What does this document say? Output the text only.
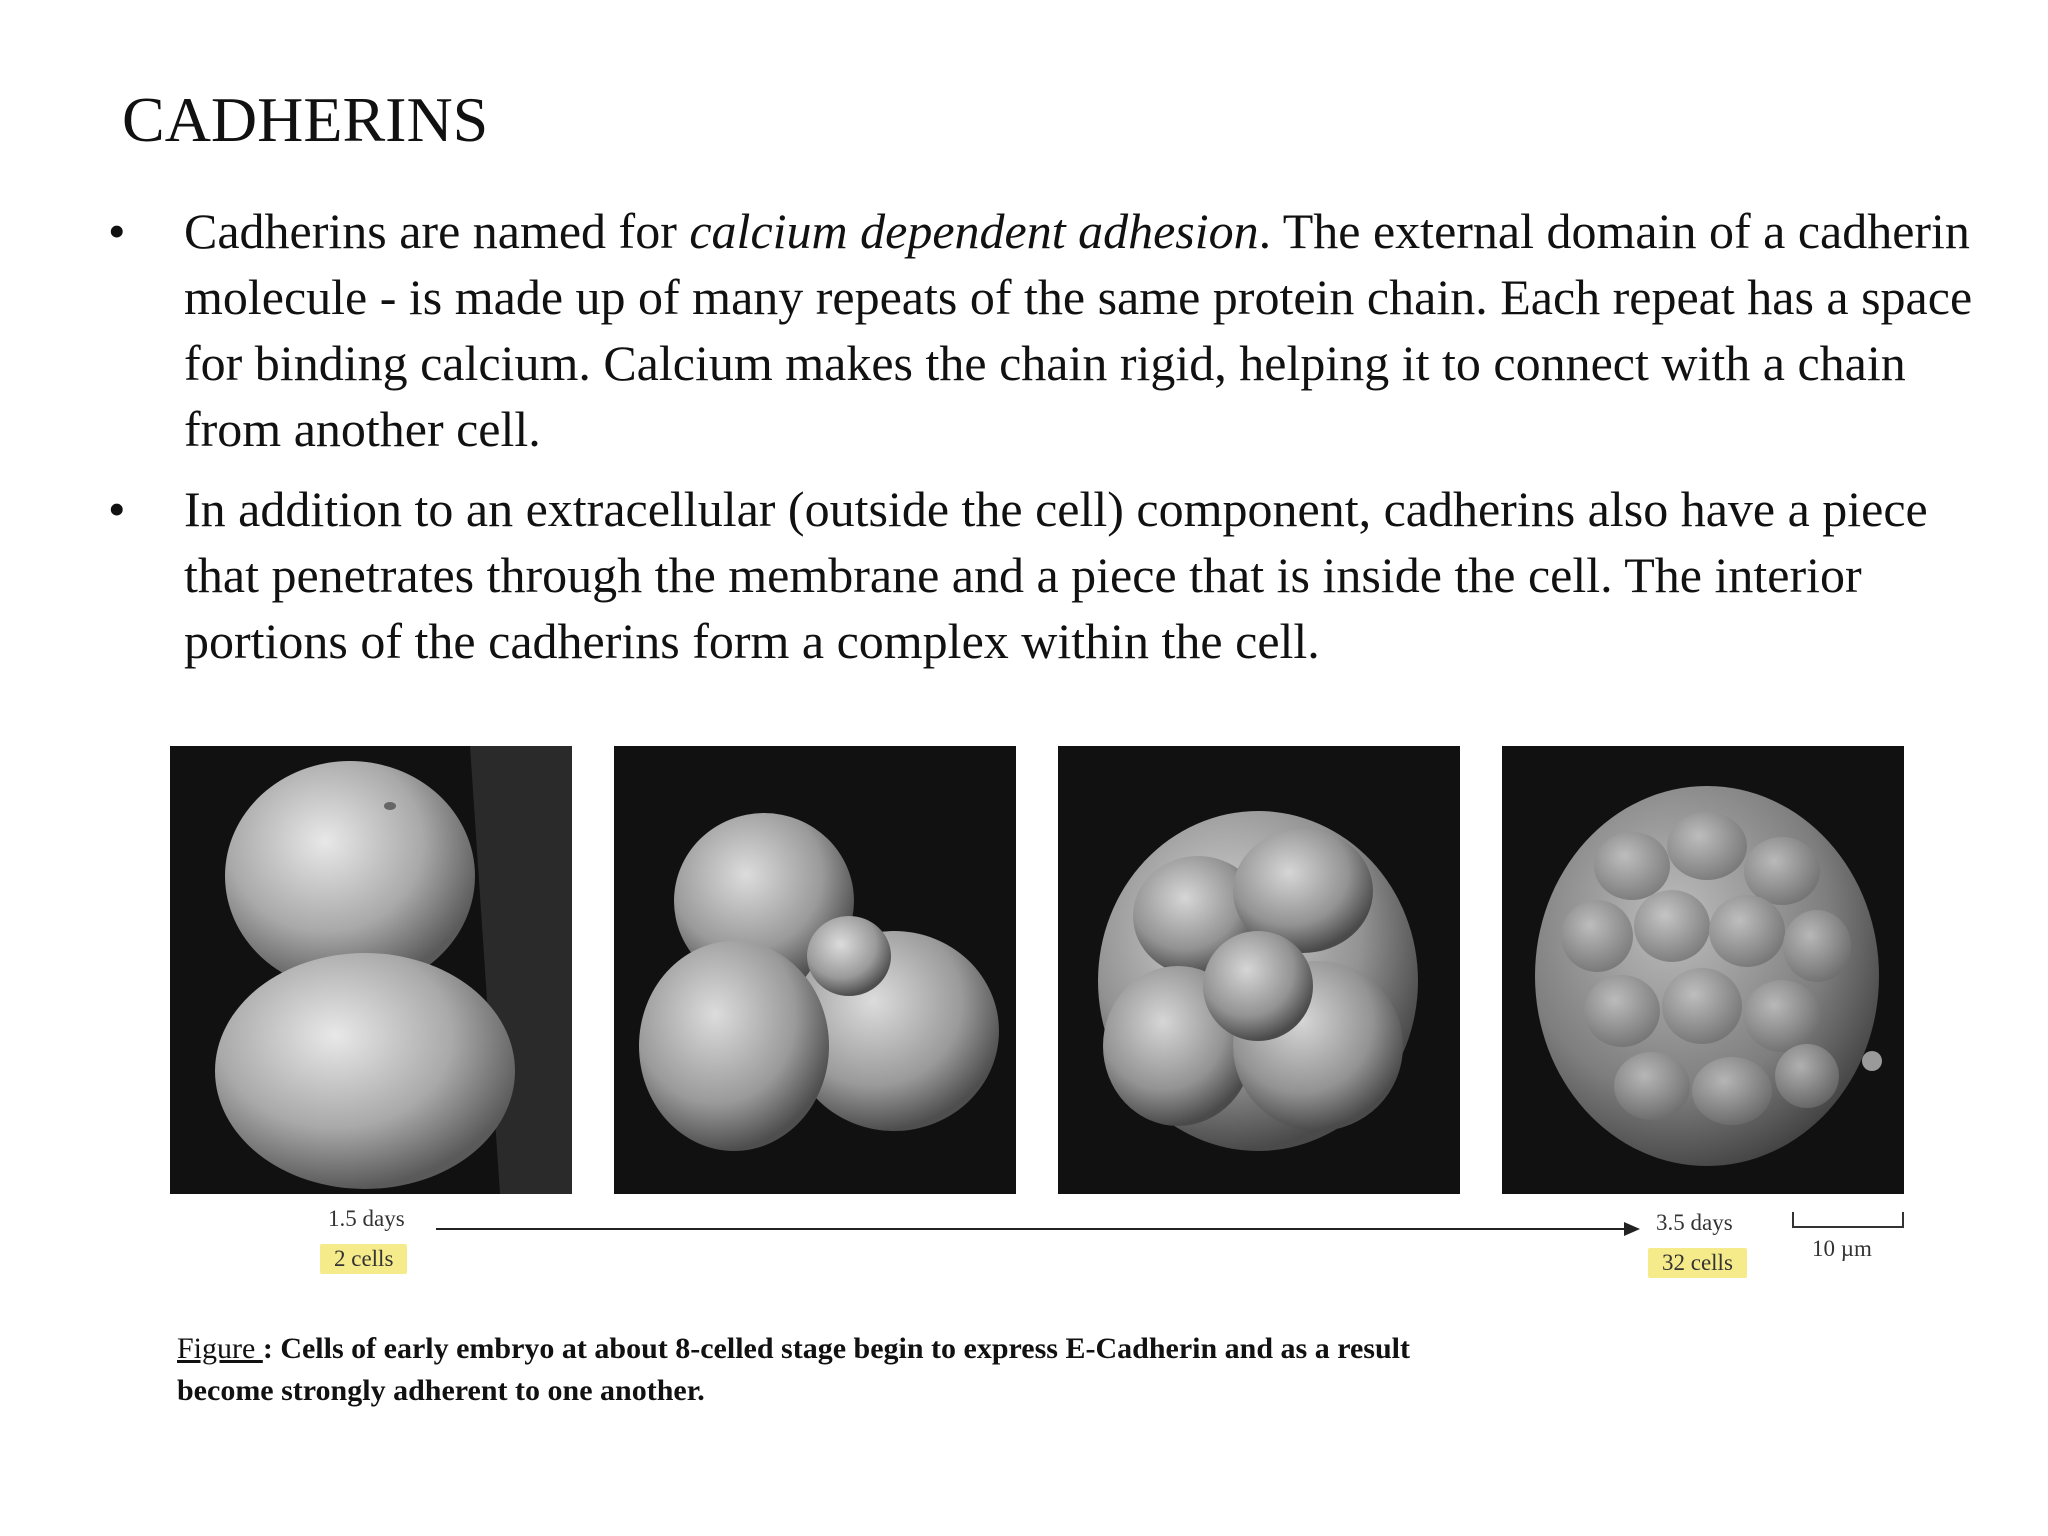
CADHERINS
•
Cadherins are named for calcium dependent adhesion. The external domain of a cadherin molecule - is made up of many repeats of the same protein chain. Each repeat has a space for binding calcium. Calcium makes the chain rigid, helping it to connect with a chain from another cell.
•
In addition to an extracellular (outside the cell) component, cadherins also have a piece that penetrates through the membrane and a piece that is inside the cell. The interior portions of the cadherins form a complex within the cell.
1.5 days
2 cells
3.5 days
32 cells
10 µm
Figure : Cells of early embryo at about 8-celled stage begin to express E-Cadherin and as a result become strongly adherent to one another.
